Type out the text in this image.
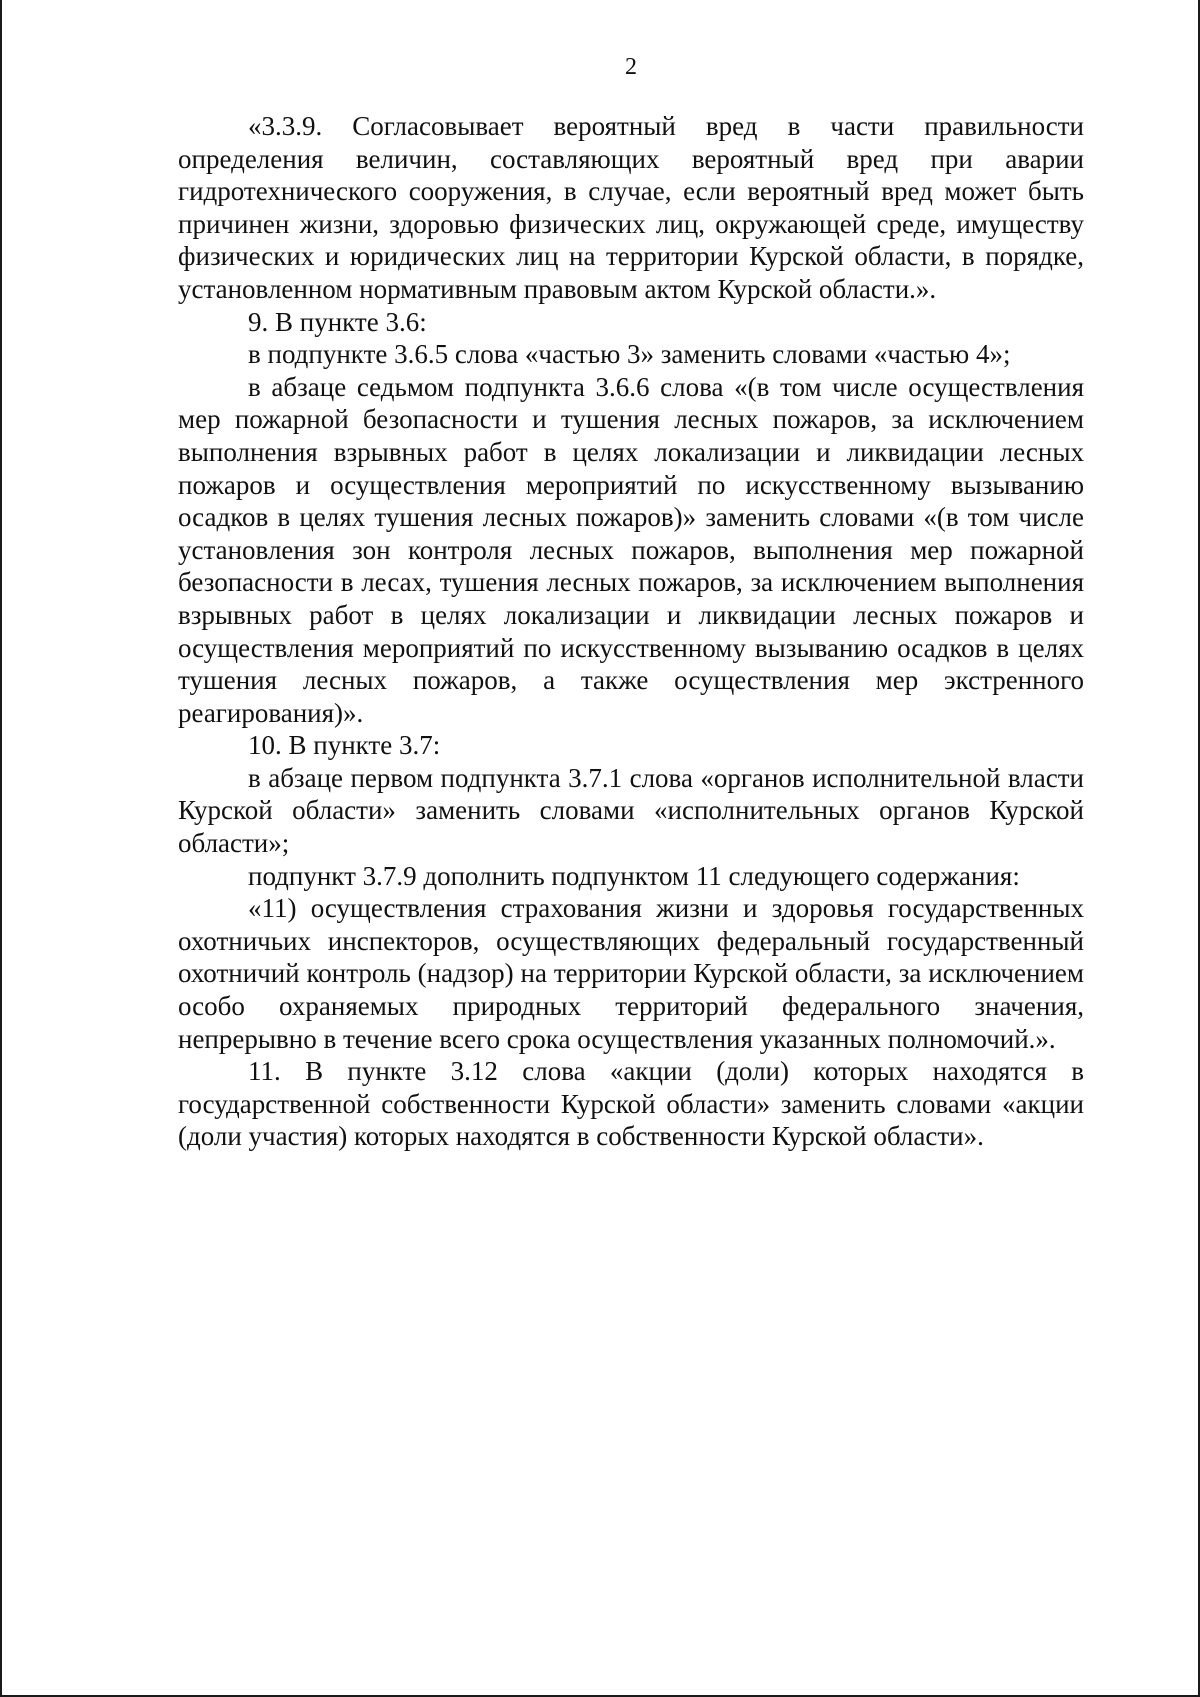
2

«3.3.9. Согласовывает вероятный вред в части правильности определения величин, составляющих вероятный вред при аварии гидротехнического сооружения, в случае, если вероятный вред может быть причинен жизни, здоровью физических лиц, окружающей среде, имуществу физических и юридических лиц на территории Курской области, в порядке, установленном нормативным правовым актом Курской области.».

9. В пункте 3.6:

в подпункте 3.6.5 слова «частью 3» заменить словами «частью 4»;

в абзаце седьмом подпункта 3.6.6 слова «(в том числе осуществления мер пожарной безопасности и тушения лесных пожаров, за исключением выполнения взрывных работ в целях локализации и ликвидации лесных пожаров и осуществления мероприятий по искусственному вызыванию осадков в целях тушения лесных пожаров)» заменить словами «(в том числе установления зон контроля лесных пожаров, выполнения мер пожарной безопасности в лесах, тушения лесных пожаров, за исключением выполнения взрывных работ в целях локализации и ликвидации лесных пожаров и осуществления мероприятий по искусственному вызыванию осадков в целях тушения лесных пожаров, а также осуществления мер экстренного реагирования)».

10. В пункте 3.7:

в абзаце первом подпункта 3.7.1 слова «органов исполнительной власти Курской области» заменить словами «исполнительных органов Курской области»;

подпункт 3.7.9 дополнить подпунктом 11 следующего содержания:

«11) осуществления страхования жизни и здоровья государственных охотничьих инспекторов, осуществляющих федеральный государственный охотничий контроль (надзор) на территории Курской области, за исключением особо охраняемых природных территорий федерального значения, непрерывно в течение всего срока осуществления указанных полномочий.».

11. В пункте 3.12 слова «акции (доли) которых находятся в государственной собственности Курской области» заменить словами «акции (доли участия) которых находятся в собственности Курской области».
